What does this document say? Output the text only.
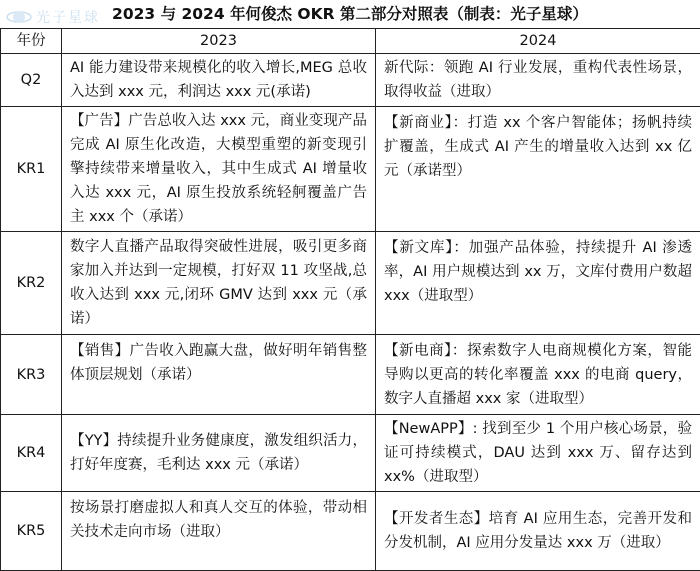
光子星球 2023 与 2024 年何俊杰 OKR 第二部分对照表（制表：光子星球）
年份	2023	2024
Q2	AI 能力建设带来规模化的收入增长,MEG 总收入达到 xxx 元，利润达 xxx 元(承诺)	新代际：领跑 AI 行业发展，重构代表性场景，取得收益（进取）
KR1	【广告】广告总收入达 xxx 元，商业变现产品完成 AI 原生化改造，大模型重塑的新变现引擎持续带来增量收入，其中生成式 AI 增量收入达 xxx 元，AI 原生投放系统轻舸覆盖广告主 xxx 个（承诺）	【新商业】：打造 xx 个客户智能体；扬帆持续扩覆盖，生成式 AI 产生的增量收入达到 xx 亿元（承诺型）
KR2	数字人直播产品取得突破性进展，吸引更多商家加入并达到一定规模，打好双 11 攻坚战,总收入达到 xxx 元,闭环 GMV 达到 xxx 元（承诺）	【新文库】：加强产品体验，持续提升 AI 渗透率，AI 用户规模达到 xx 万，文库付费用户数超 xxx（进取型）
KR3	【销售】广告收入跑赢大盘，做好明年销售整体顶层规划（承诺）	【新电商】：探索数字人电商规模化方案，智能导购以更高的转化率覆盖 xxx 的电商 query，数字人直播超 xxx 家（进取型）
KR4	【YY】持续提升业务健康度，激发组织活力，打好年度赛，毛利达 xxx 元（承诺）	【NewAPP】: 找到至少 1 个用户核心场景，验证可持续模式，DAU 达到 xxx 万、留存达到 xx%（进取型）
KR5	按场景打磨虚拟人和真人交互的体验，带动相关技术走向市场（进取）	【开发者生态】培育 AI 应用生态，完善开发和分发机制，AI 应用分发量达 xxx 万（进取）
